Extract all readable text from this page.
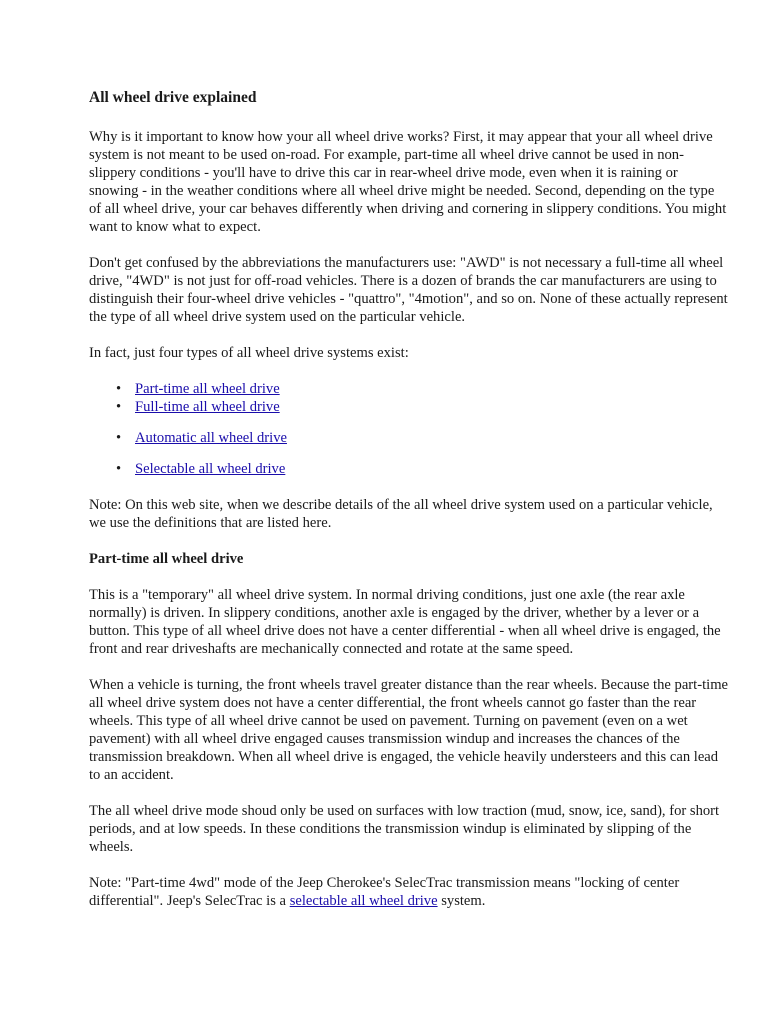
All wheel drive explained

Why is it important to know how your all wheel drive works? First, it may appear that your all wheel drive system is not meant to be used on-road. For example, part-time all wheel drive cannot be used in non-slippery conditions - you'll have to drive this car in rear-wheel drive mode, even when it is raining or snowing - in the weather conditions where all wheel drive might be needed. Second, depending on the type of all wheel drive, your car behaves differently when driving and cornering in slippery conditions. You might want to know what to expect.

Don't get confused by the abbreviations the manufacturers use: "AWD" is not necessary a full-time all wheel drive, "4WD" is not just for off-road vehicles. There is a dozen of brands the car manufacturers are using to distinguish their four-wheel drive vehicles - "quattro", "4motion", and so on. None of these actually represent the type of all wheel drive system used on the particular vehicle.

In fact, just four types of all wheel drive systems exist:

• Part-time all wheel drive
• Full-time all wheel drive
• Automatic all wheel drive
• Selectable all wheel drive

Note: On this web site, when we describe details of the all wheel drive system used on a particular vehicle, we use the definitions that are listed here.

Part-time all wheel drive

This is a "temporary" all wheel drive system. In normal driving conditions, just one axle (the rear axle normally) is driven. In slippery conditions, another axle is engaged by the driver, whether by a lever or a button. This type of all wheel drive does not have a center differential - when all wheel drive is engaged, the front and rear driveshafts are mechanically connected and rotate at the same speed.

When a vehicle is turning, the front wheels travel greater distance than the rear wheels. Because the part-time all wheel drive system does not have a center differential, the front wheels cannot go faster than the rear wheels. This type of all wheel drive cannot be used on pavement. Turning on pavement (even on a wet pavement) with all wheel drive engaged causes transmission windup and increases the chances of the transmission breakdown. When all wheel drive is engaged, the vehicle heavily understeers and this can lead to an accident.

The all wheel drive mode shoud only be used on surfaces with low traction (mud, snow, ice, sand), for short periods, and at low speeds. In these conditions the transmission windup is eliminated by slipping of the wheels.

Note: "Part-time 4wd" mode of the Jeep Cherokee's SelecTrac transmission means "locking of center differential". Jeep's SelecTrac is a selectable all wheel drive system.
